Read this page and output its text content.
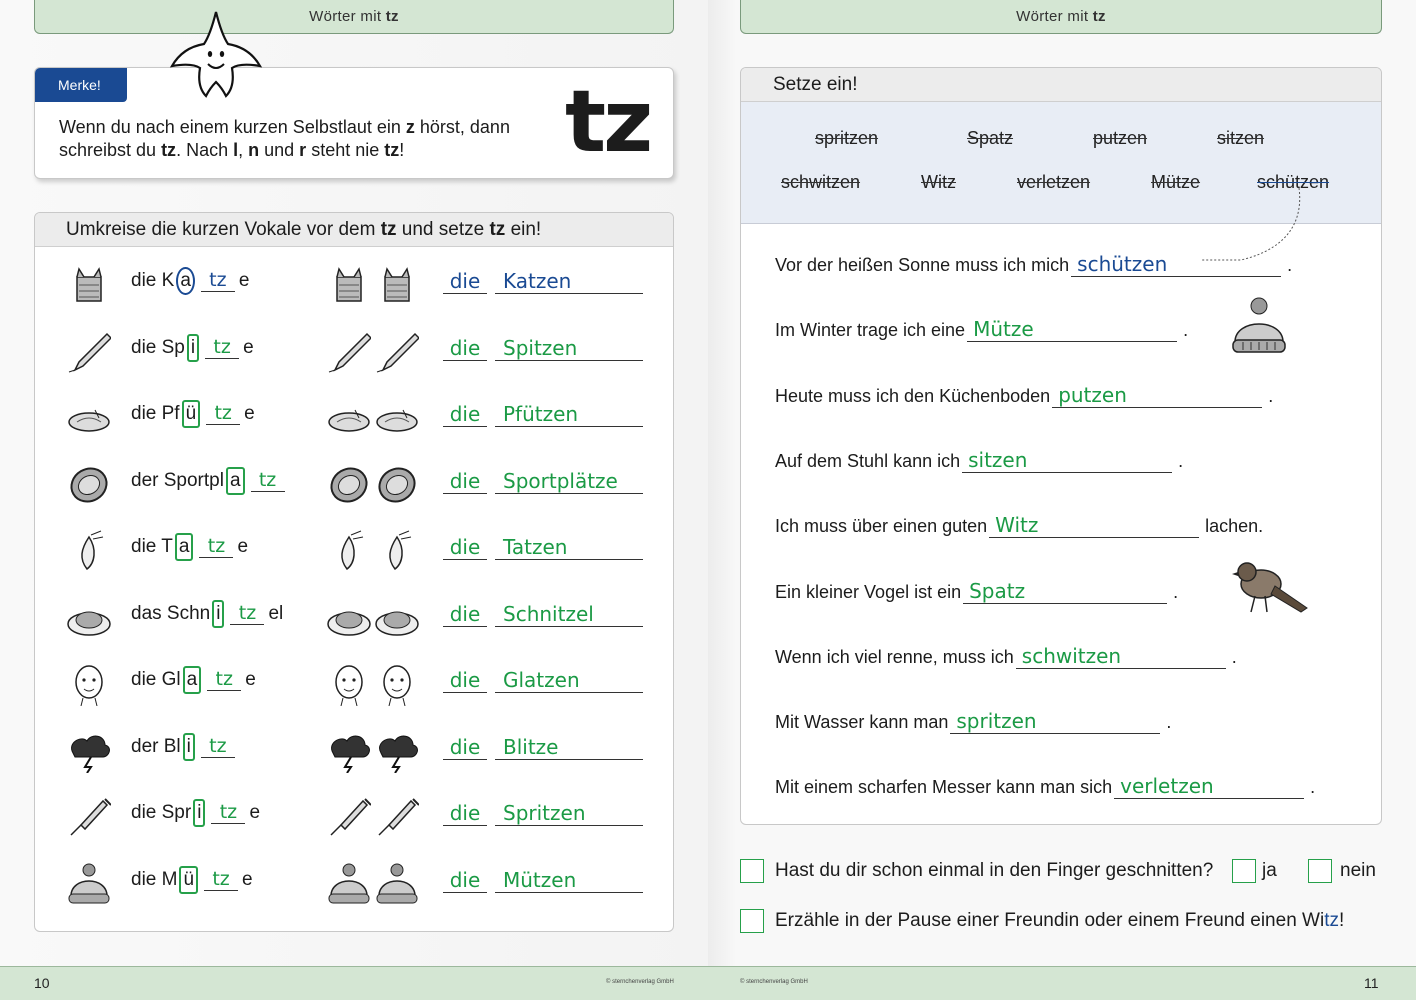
Wörter mit tz
Merke!
Wenn du nach einem kurzen Selbstlaut ein z hörst, dann schreibst du tz. Nach l, n und r steht nie tz!	tz
Umkreise die kurzen Vokale vor dem tz und setze tz ein!
die K a tz e	die	Katzen
die Sp i tz e	die	Spitzen
die Pf ü tz e	die	Pfützen
der Sportpl a tz	die	Sportplätze
die T a tz e	die	Tatzen
das Schn i tz el	die	Schnitzel
die Gl a tz e	die	Glatzen
der Bl i tz	die	Blitze
die Spr i tz e	die	Spritzen
die M ü tz e	die	Mützen
10	© sternchenverlag GmbH
Wörter mit tz
Setze ein!
spritzen	Spatz	putzen	sitzen
schwitzen	Witz	verletzen	Mütze	schützen
Vor der heißen Sonne muss ich mich schützen	.
Im Winter trage ich eine Mütze	.
Heute muss ich den Küchenboden putzen	.
Auf dem Stuhl kann ich sitzen	.
Ich muss über einen guten Witz	lachen.
Ein kleiner Vogel ist ein Spatz	.
Wenn ich viel renne, muss ich schwitzen	.
Mit Wasser kann man spritzen	.
Mit einem scharfen Messer kann man sich verletzen	.
Hast du dir schon einmal in den Finger geschnitten?	ja	nein
Erzähle in der Pause einer Freundin oder einem Freund einen Witz!
© sternchenverlag GmbH	11
